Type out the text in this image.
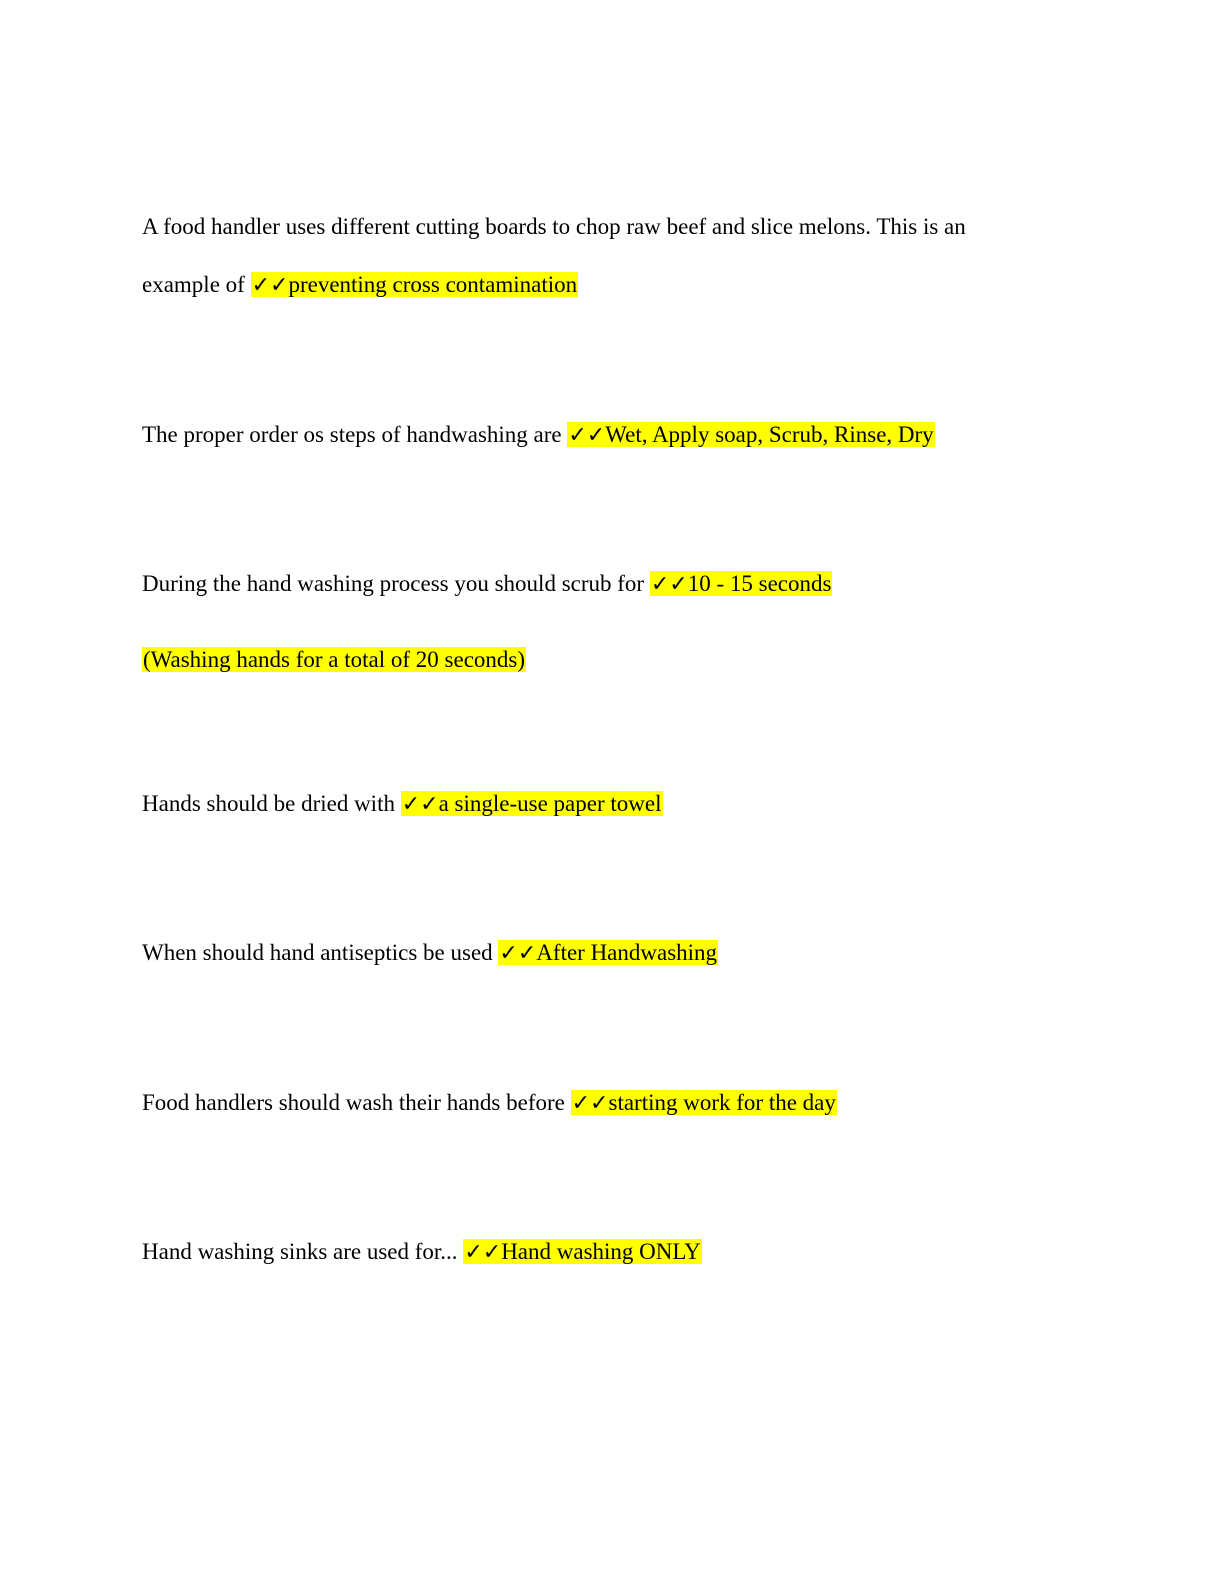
A food handler uses different cutting boards to chop raw beef and slice melons. This is an
example of ✓✓preventing cross contamination
The proper order os steps of handwashing are ✓✓Wet, Apply soap, Scrub, Rinse, Dry
During the hand washing process you should scrub for ✓✓10 - 15 seconds
(Washing hands for a total of 20 seconds)
Hands should be dried with ✓✓a single-use paper towel
When should hand antiseptics be used ✓✓After Handwashing
Food handlers should wash their hands before ✓✓starting work for the day
Hand washing sinks are used for... ✓✓Hand washing ONLY
